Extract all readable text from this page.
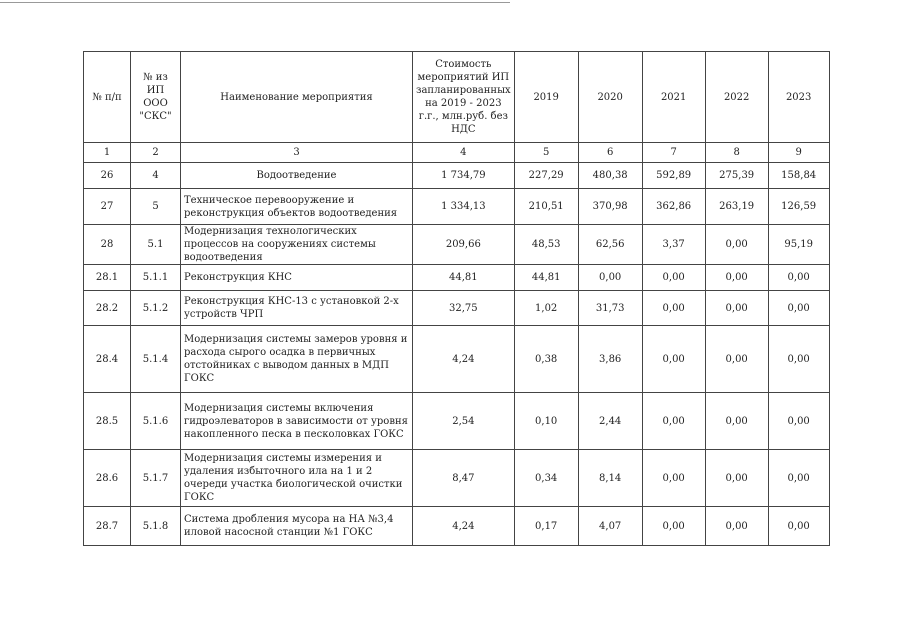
№ п/п	№ из ИП ООО "СКС"	Наименование мероприятия	Стоимость мероприятий ИП запланированных на 2019 - 2023 г.г., млн.руб. без НДС	2019	2020	2021	2022	2023
1	2	3	4	5	6	7	8	9
26	4	Водоотведение	1 734,79	227,29	480,38	592,89	275,39	158,84
27	5	Техническое перевооружение и реконструкция объектов водоотведения	1 334,13	210,51	370,98	362,86	263,19	126,59
28	5.1	Модернизация технологических процессов на сооружениях системы водоотведения	209,66	48,53	62,56	3,37	0,00	95,19
28.1	5.1.1	Реконструкция КНС	44,81	44,81	0,00	0,00	0,00	0,00
28.2	5.1.2	Реконструкция КНС-13 с установкой 2-х устройств ЧРП	32,75	1,02	31,73	0,00	0,00	0,00
28.4	5.1.4	Модернизация системы замеров уровня и расхода сырого осадка в первичных отстойниках с выводом данных в МДП ГОКС	4,24	0,38	3,86	0,00	0,00	0,00
28.5	5.1.6	Модернизация системы включения гидроэлеваторов в зависимости от уровня накопленного песка в песколовках ГОКС	2,54	0,10	2,44	0,00	0,00	0,00
28.6	5.1.7	Модернизация системы измерения и удаления избыточного ила на 1 и 2 очереди участка биологической очистки ГОКС	8,47	0,34	8,14	0,00	0,00	0,00
28.7	5.1.8	Система дробления мусора на НА №3,4 иловой насосной станции №1 ГОКС	4,24	0,17	4,07	0,00	0,00	0,00
